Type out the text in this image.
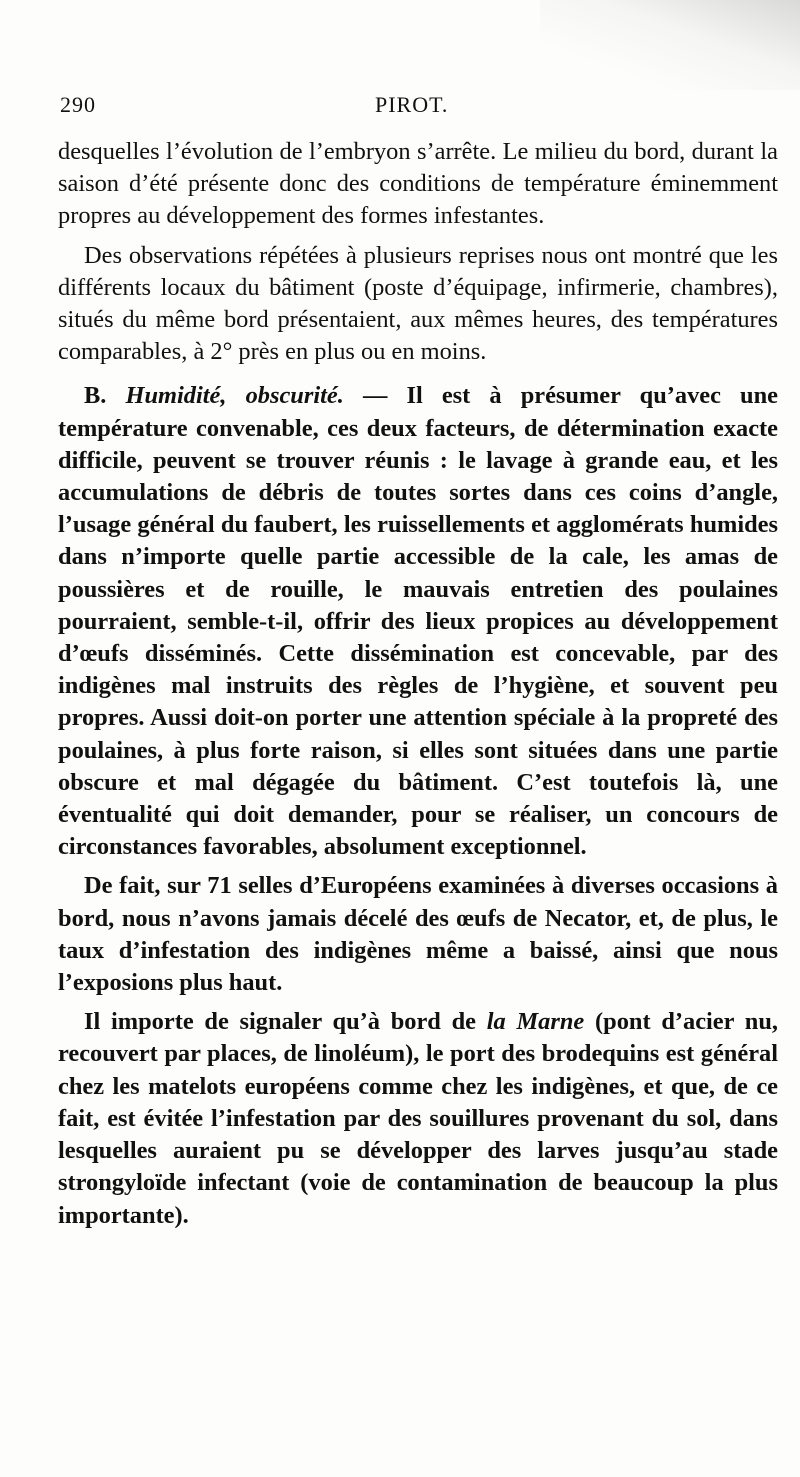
290	PIROT.

desquelles l’évolution de l’embryon s’arrête. Le milieu du bord, durant la saison d’été présente donc des conditions de température éminemment propres au développement des formes infestantes.

Des observations répétées à plusieurs reprises nous ont montré que les différents locaux du bâtiment (poste d’équipage, infirmerie, chambres), situés du même bord présentaient, aux mêmes heures, des températures comparables, à 2° près en plus ou en moins.

B. Humidité, obscurité. — Il est à présumer qu’avec une température convenable, ces deux facteurs, de détermination exacte difficile, peuvent se trouver réunis : le lavage à grande eau, et les accumulations de débris de toutes sortes dans ces coins d’angle, l’usage général du faubert, les ruissellements et agglomérats humides dans n’importe quelle partie accessible de la cale, les amas de poussières et de rouille, le mauvais entretien des poulaines pourraient, semble-t-il, offrir des lieux propices au développement d’œufs disséminés. Cette dissémination est concevable, par des indigènes mal instruits des règles de l’hygiène, et souvent peu propres. Aussi doit-on porter une attention spéciale à la propreté des poulaines, à plus forte raison, si elles sont situées dans une partie obscure et mal dégagée du bâtiment. C’est toutefois là, une éventualité qui doit demander, pour se réaliser, un concours de circonstances favorables, absolument exceptionnel.

De fait, sur 71 selles d’Européens examinées à diverses occasions à bord, nous n’avons jamais décelé des œufs de Necator, et, de plus, le taux d’infestation des indigènes même a baissé, ainsi que nous l’exposions plus haut.

Il importe de signaler qu’à bord de la Marne (pont d’acier nu, recouvert par places, de linoléum), le port des brodequins est général chez les matelots européens comme chez les indigènes, et que, de ce fait, est évitée l’infestation par des souillures provenant du sol, dans lesquelles auraient pu se développer des larves jusqu’au stade strongyloïde infectant (voie de contamination de beaucoup la plus importante).
